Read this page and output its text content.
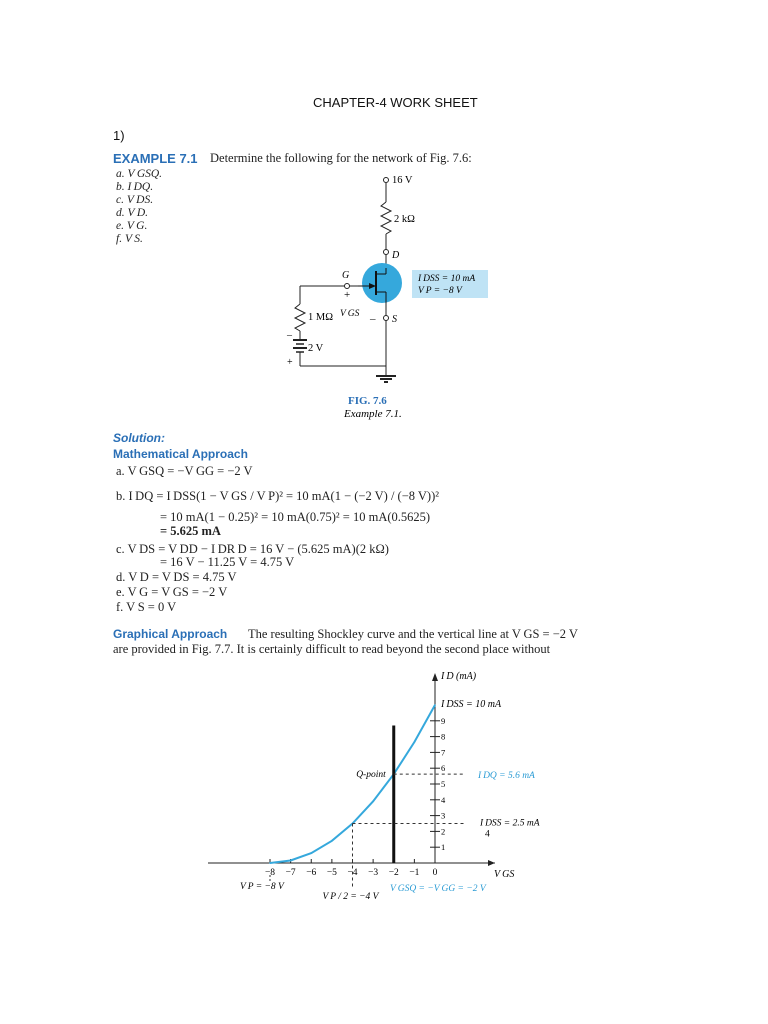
CHAPTER-4 WORK SHEET
1)
EXAMPLE 7.1 Determine the following for the network of Fig. 7.6:
a. V GSQ.
b. I DQ.
c. V DS.
d. V D.
e. V G.
f. V S.
16 V
2 kΩ
D
G
+
V GS – S
1 MΩ
2 V
–
+
I DSS = 10 mA
V P = −8 V
FIG. 7.6
Example 7.1.
Solution:
Mathematical Approach
a. V GSQ = −V GG = −2 V
b. I DQ = I DSS(1 − V GS / V P)² = 10 mA(1 − (−2 V) / (−8 V))²
= 10 mA(1 − 0.25)² = 10 mA(0.75)² = 10 mA(0.5625)
= 5.625 mA
c. V DS = V DD − I DR D = 16 V − (5.625 mA)(2 kΩ)
= 16 V − 11.25 V = 4.75 V
d. V D = V DS = 4.75 V
e. V G = V GS = −2 V
f. V S = 0 V
Graphical Approach The resulting Shockley curve and the vertical line at V GS = −2 V
are provided in Fig. 7.7. It is certainly difficult to read beyond the second place without
I D (mA)
V GS
−8 −7 −6 −5 −4 −3 −2 −1 0
1
2
3
4
5
6
7
8
9
Q-point	I DQ = 5.6 mA
I DSS = 2.5 mA
4
I DSS = 10 mA
V P = −8 V
V P / 2 = −4 V
V GSQ = −V GG = −2 V
